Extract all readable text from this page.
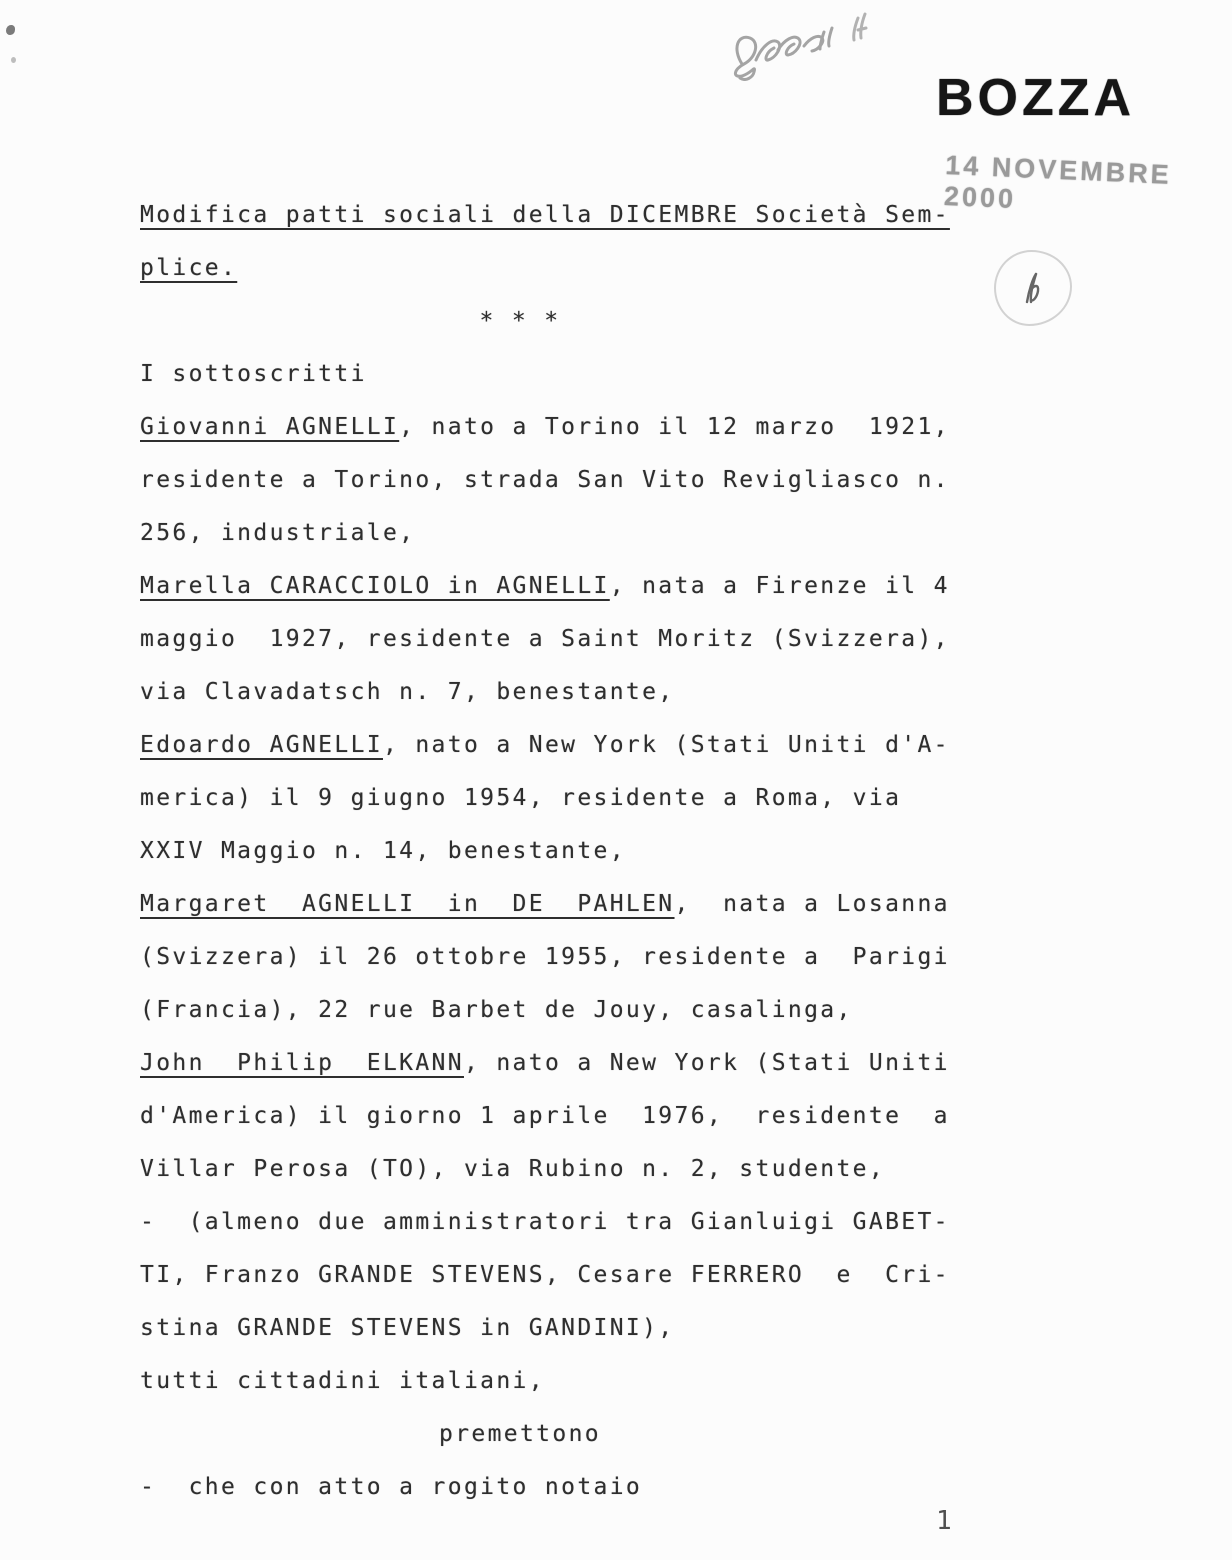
BOZZA
14 NOVEMBRE 2000
Modifica patti sociali della DICEMBRE Società Sem-
plice.
* * *
I sottoscritti
Giovanni AGNELLI , nato a Torino il 12 marzo  1921,
residente a Torino, strada San Vito Revigliasco n.
256, industriale,
Marella CARACCIOLO in AGNELLI , nata a Firenze il 4
maggio  1927, residente a Saint Moritz (Svizzera),
via Clavadatsch n. 7, benestante,
Edoardo AGNELLI , nato a New York (Stati Uniti d'A-
merica) il 9 giugno 1954, residente a Roma, via
XXIV Maggio n. 14, benestante,
Margaret  AGNELLI  in  DE  PAHLEN ,  nata a Losanna
(Svizzera) il 26 ottobre 1955, residente a  Parigi
(Francia), 22 rue Barbet de Jouy, casalinga,
John  Philip  ELKANN , nato a New York (Stati Uniti
d'America) il giorno 1 aprile  1976,  residente  a
Villar Perosa (TO), via Rubino n. 2, studente,
-  (almeno due amministratori tra Gianluigi GABET-
TI, Franzo GRANDE STEVENS, Cesare FERRERO  e  Cri-
stina GRANDE STEVENS in GANDINI),
tutti cittadini italiani,
premettono
-  che con atto a rogito notaio
1
